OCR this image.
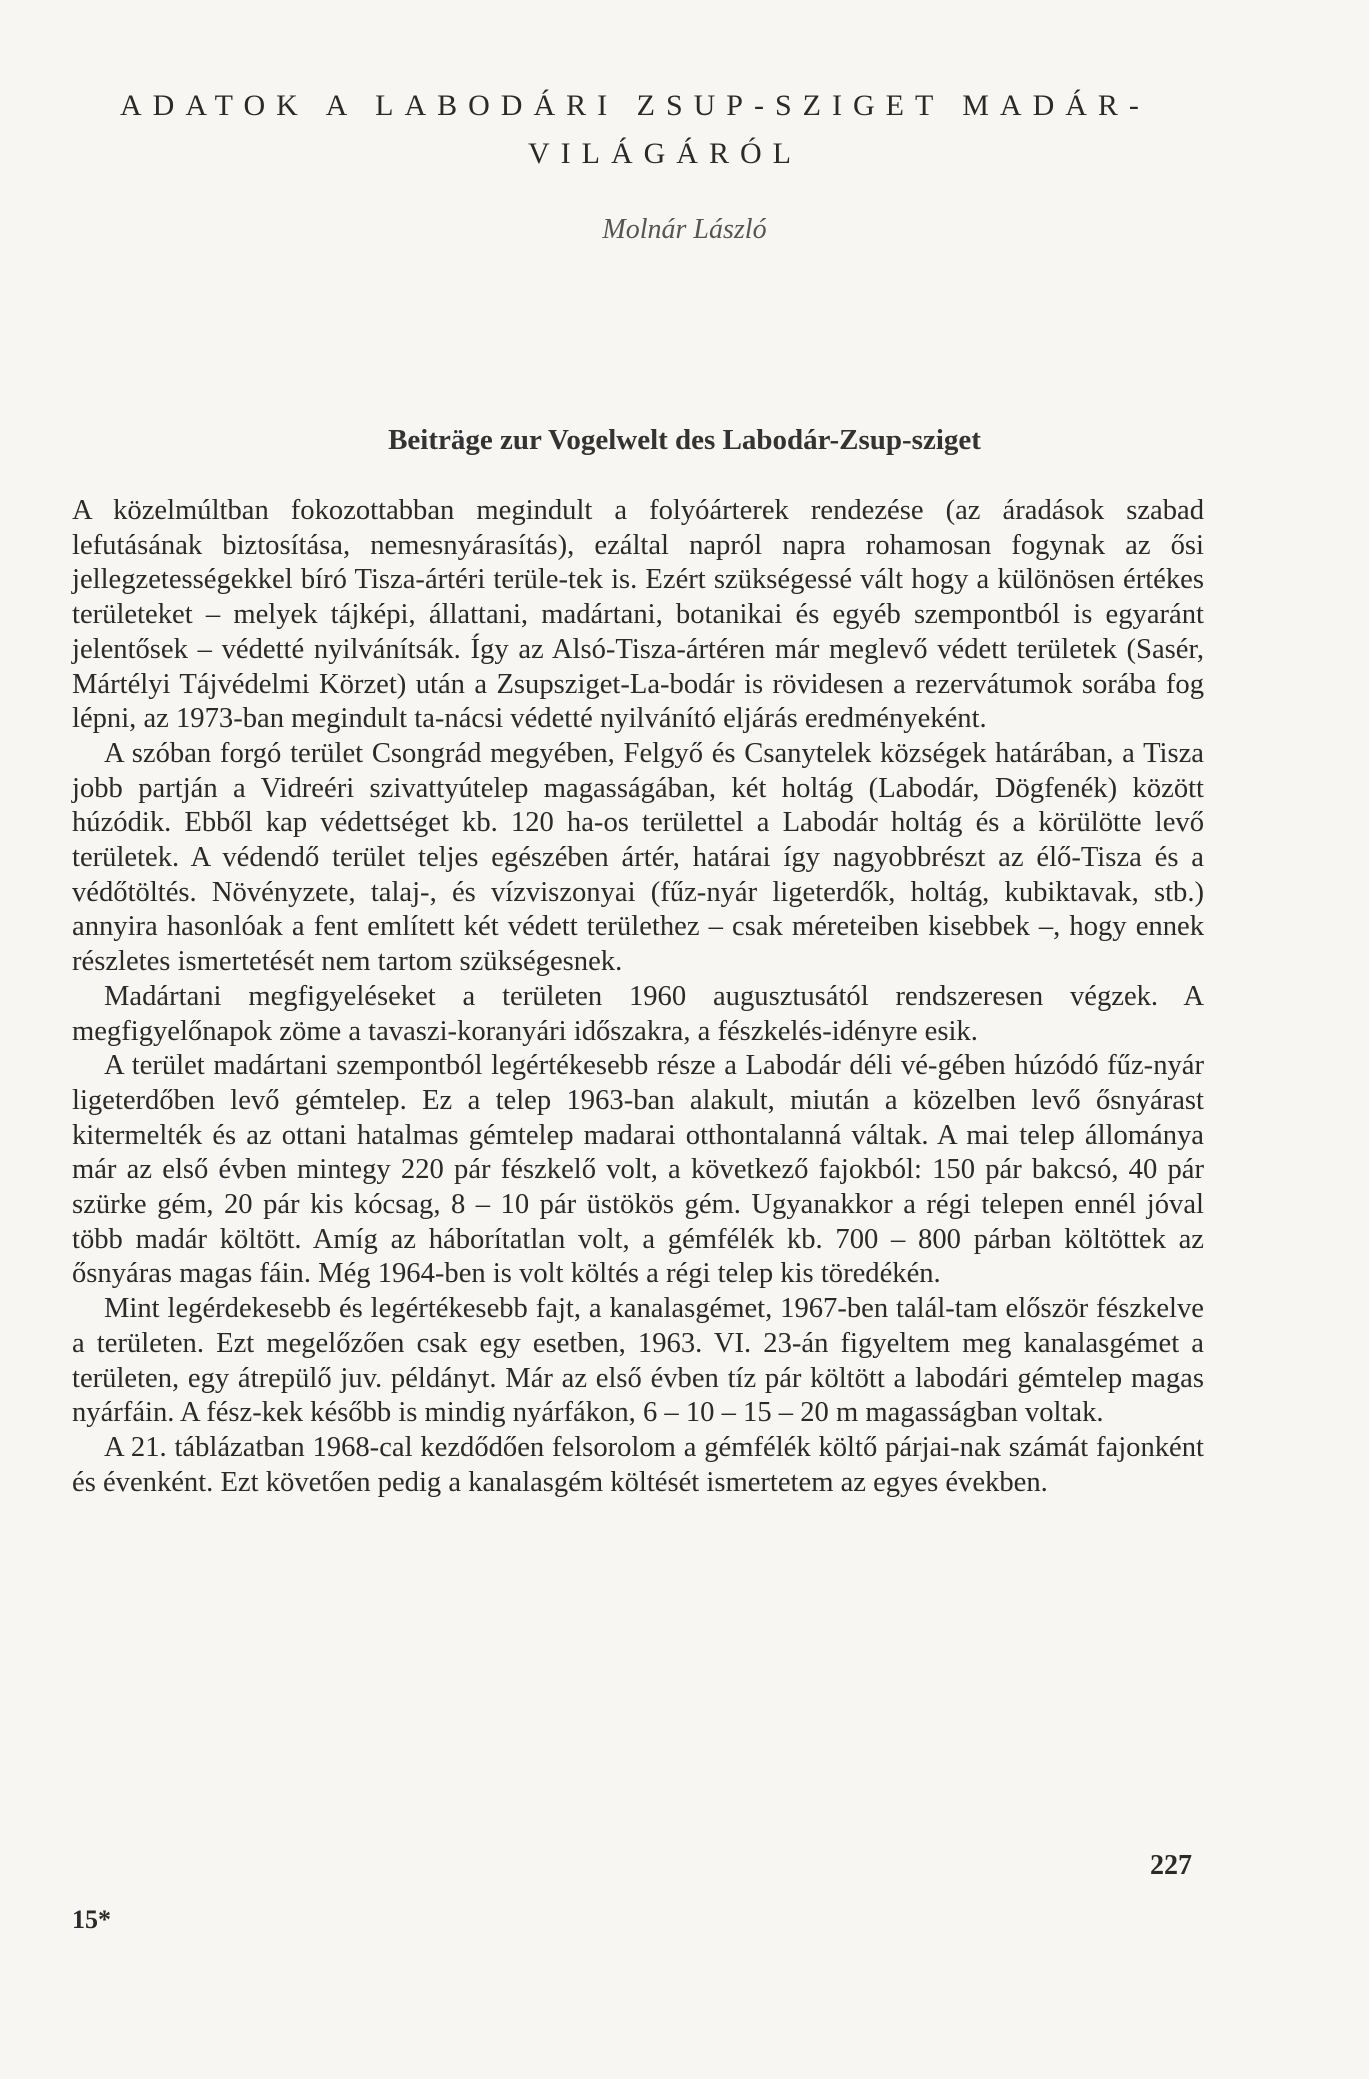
ADATOK A LABODÁRI ZSUP-SZIGET MADÁR-
VILÁGÁRÓL
Molnár László
Beiträge zur Vogelwelt des Labodár-Zsup-sziget

A közelmúltban fokozottabban megindult a folyóárterek rendezése (az áradások szabad lefutásának biztosítása, nemesnyárasítás), ezáltal napról napra rohamosan fogynak az ősi jellegzetességekkel bíró Tisza-ártéri terüle-tek is. Ezért szükségessé vált hogy a különösen értékes területeket – melyek tájképi, állattani, madártani, botanikai és egyéb szempontból is egyaránt jelentősek – védetté nyilvánítsák. Így az Alsó-Tisza-ártéren már meglevő védett területek (Sasér, Mártélyi Tájvédelmi Körzet) után a Zsupsziget-La-bodár is rövidesen a rezervátumok sorába fog lépni, az 1973-ban megindult ta-nácsi védetté nyilvánító eljárás eredményeként.

A szóban forgó terület Csongrád megyében, Felgyő és Csanytelek községek határában, a Tisza jobb partján a Vidreéri szivattyútelep magasságában, két holtág (Labodár, Dögfenék) között húzódik. Ebből kap védettséget kb. 120 ha-os területtel a Labodár holtág és a körülötte levő területek. A védendő terület teljes egészében ártér, határai így nagyobbrészt az élő-Tisza és a védőtöltés. Növényzete, talaj-, és vízviszonyai (fűz-nyár ligeterdők, holtág, kubiktavak, stb.) annyira hasonlóak a fent említett két védett területhez – csak méreteiben kisebbek –, hogy ennek részletes ismertetését nem tartom szükségesnek.

Madártani megfigyeléseket a területen 1960 augusztusától rendszeresen végzek. A megfigyelőnapok zöme a tavaszi-koranyári időszakra, a fészkelés-idényre esik.

A terület madártani szempontból legértékesebb része a Labodár déli vé-gében húzódó fűz-nyár ligeterdőben levő gémtelep. Ez a telep 1963-ban alakult, miután a közelben levő ősnyárast kitermelték és az ottani hatalmas gémtelep madarai otthontalanná váltak. A mai telep állománya már az első évben mintegy 220 pár fészkelő volt, a következő fajokból: 150 pár bakcsó, 40 pár szürke gém, 20 pár kis kócsag, 8 – 10 pár üstökös gém. Ugyanakkor a régi telepen ennél jóval több madár költött. Amíg az háborítatlan volt, a gémfélék kb. 700 – 800 párban költöttek az ősnyáras magas fáin. Még 1964-ben is volt költés a régi telep kis töredékén.

Mint legérdekesebb és legértékesebb fajt, a kanalasgémet, 1967-ben talál-tam először fészkelve a területen. Ezt megelőzően csak egy esetben, 1963. VI. 23-án figyeltem meg kanalasgémet a területen, egy átrepülő juv. példányt. Már az első évben tíz pár költött a labodári gémtelep magas nyárfáin. A fész-kek később is mindig nyárfákon, 6 – 10 – 15 – 20 m magasságban voltak.

A 21. táblázatban 1968-cal kezdődően felsorolom a gémfélék költő párjai-nak számát fajonként és évenként. Ezt követően pedig a kanalasgém költését ismertetem az egyes években.

227
15*
